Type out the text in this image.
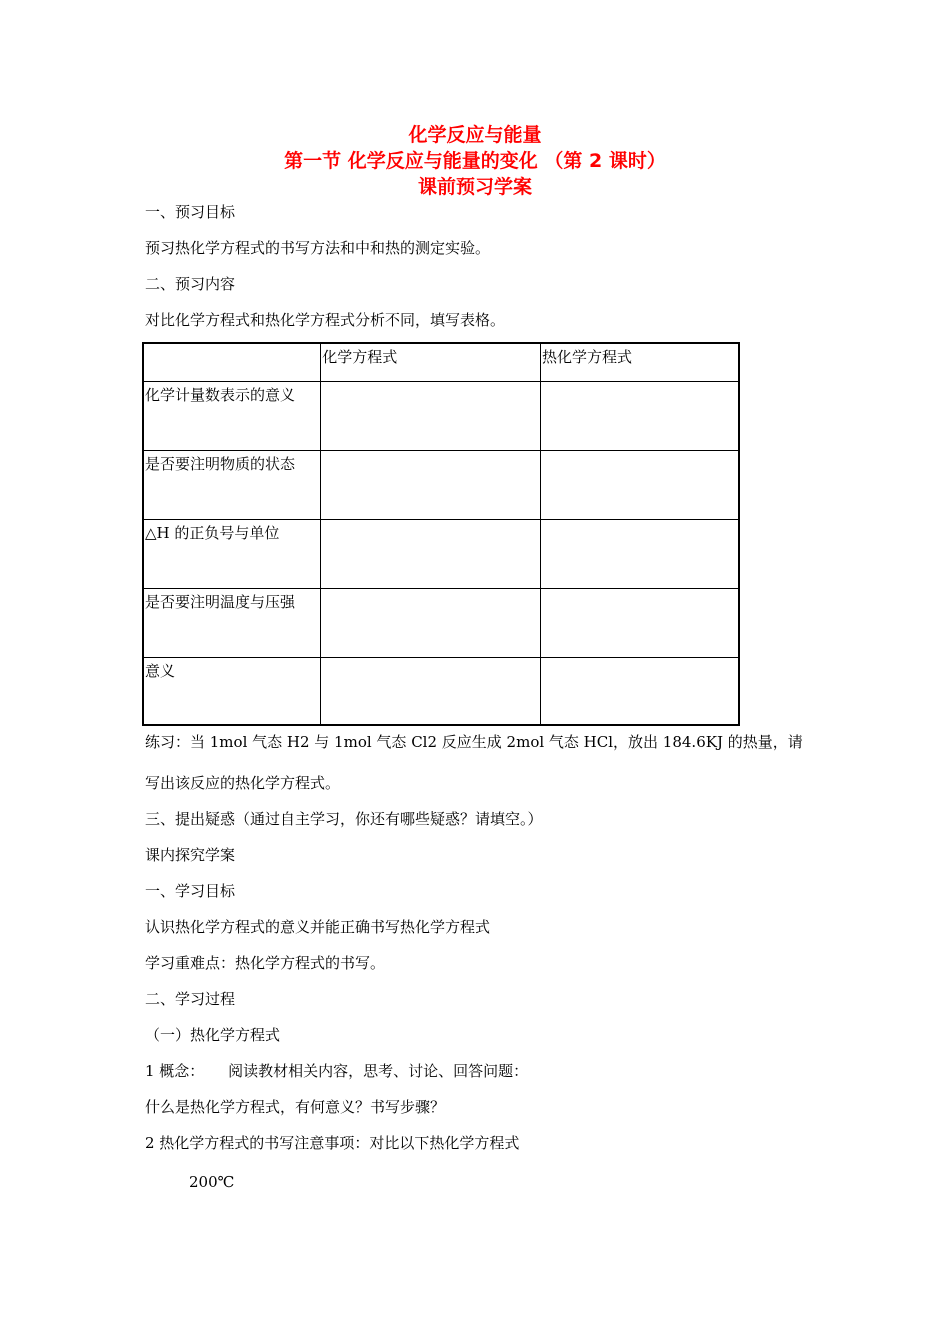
化学反应与能量
第一节 化学反应与能量的变化 （第 2 课时）
课前预习学案

一、预习目标

预习热化学方程式的书写方法和中和热的测定实验。

二、预习内容

对比化学方程式和热化学方程式分析不同，填写表格。

	化学方程式	热化学方程式
化学计量数表示的意义		
是否要注明物质的状态		
△H 的正负号与单位		
是否要注明温度与压强		
意义		

练习：当 1mol 气态 H2 与 1mol 气态 Cl2 反应生成 2mol 气态 HCl，放出 184.6KJ 的热量，请

写出该反应的热化学方程式。

三、提出疑惑（通过自主学习，你还有哪些疑惑？请填空。）

课内探究学案

一、学习目标

认识热化学方程式的意义并能正确书写热化学方程式

学习重难点：热化学方程式的书写。

二、学习过程

（一）热化学方程式

1 概念：     阅读教材相关内容，思考、讨论、回答问题：

什么是热化学方程式，有何意义？书写步骤？

2 热化学方程式的书写注意事项：对比以下热化学方程式

200℃
